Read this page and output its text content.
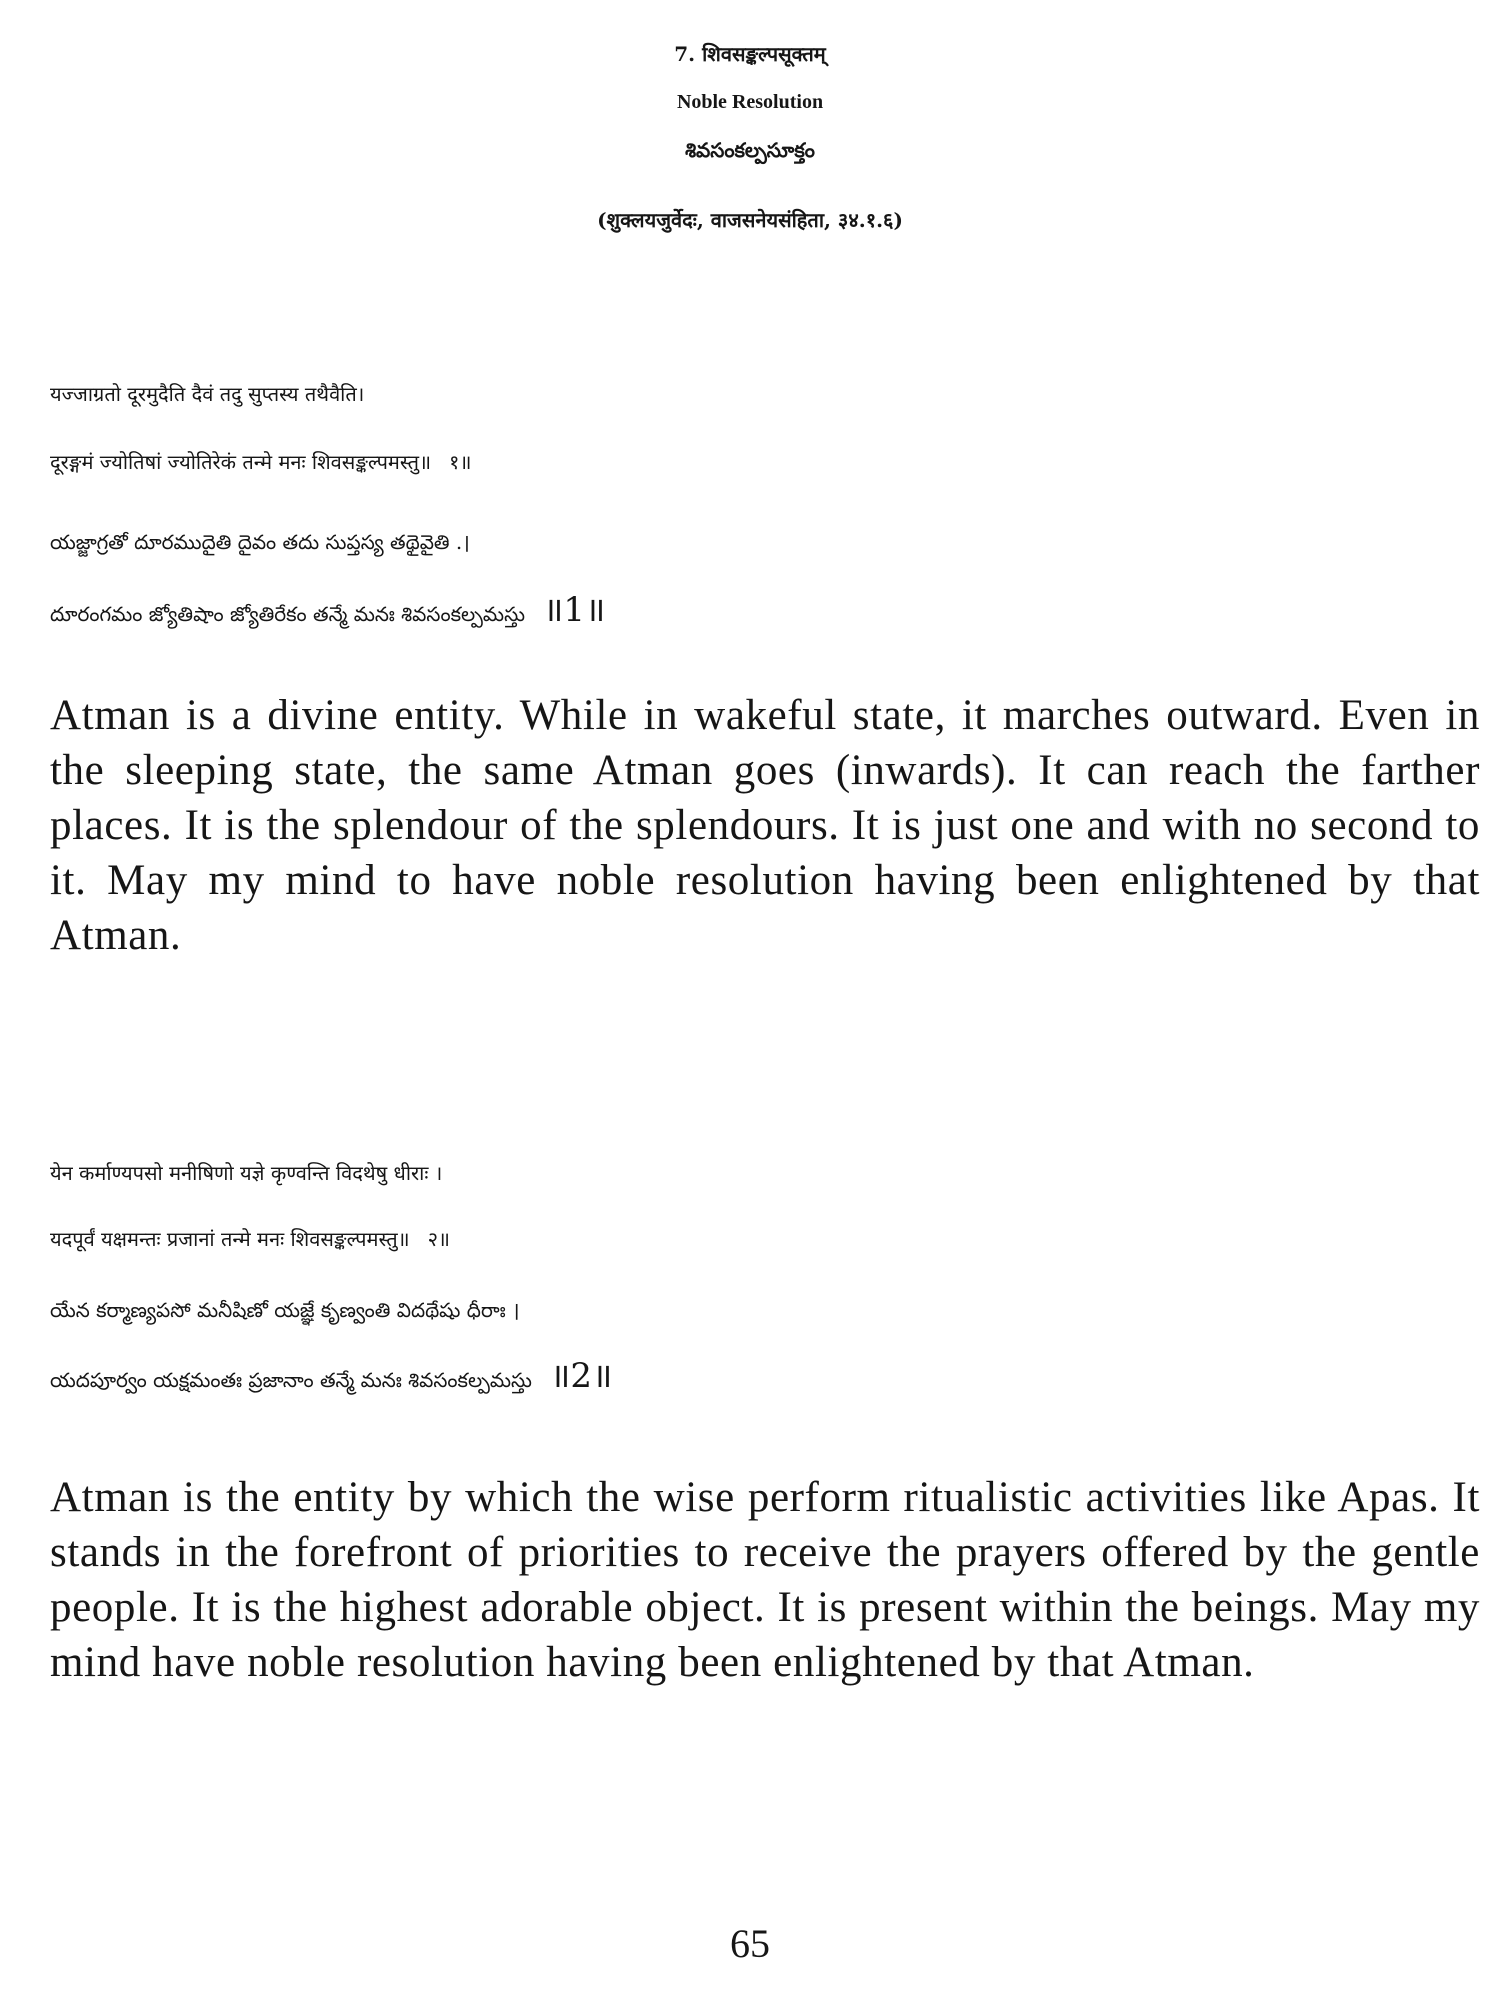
7. शिवसङ्कल्पसूक्तम्
Noble Resolution
శివసంకల్పసూక్తం
(शुक्लयजुर्वेदः, वाजसनेयसंहिता, ३४.१.६)
यज्जाग्रतो दूरमुदैति दैवं तदु सुप्तस्य तथैवैति।
दूरङ्गमं ज्योतिषां ज्योतिरेकं तन्मे मनः शिवसङ्कल्पमस्तु॥ १॥
యజ్జాగ్రతో దూరముదైతి దైవం తదు సుప్తస్య తథైవైతి .।
దూరంగమం జ్యోతిషాం జ్యోతిరేకం తన్మే మనః శివసంకల్పమస్తు ॥1॥
Atman is a divine entity. While in wakeful state, it marches outward. Even in the sleeping state, the same Atman goes (inwards). It can reach the farther places. It is the splendour of the splendours. It is just one and with no second to it. May my mind to have noble resolution having been enlightened by that Atman.
येन कर्माण्यपसो मनीषिणो यज्ञे कृण्वन्ति विदथेषु धीराः ।
यदपूर्वं यक्षमन्तः प्रजानां तन्मे मनः शिवसङ्कल्पमस्तु॥ २॥
యేన కర్మాణ్యపసో మనీషిణో యజ్ఞే కృణ్వంతి విదథేషు ధీరాః ।
యదపూర్వం యక్షమంతః ప్రజానాం తన్మే మనః శివసంకల్పమస్తు ॥2॥
Atman is the entity by which the wise perform ritualistic activities like Apas. It stands in the forefront of priorities to receive the prayers offered by the gentle people. It is the highest adorable object. It is present within the beings. May my mind have noble resolution having been enlightened by that Atman.
65
